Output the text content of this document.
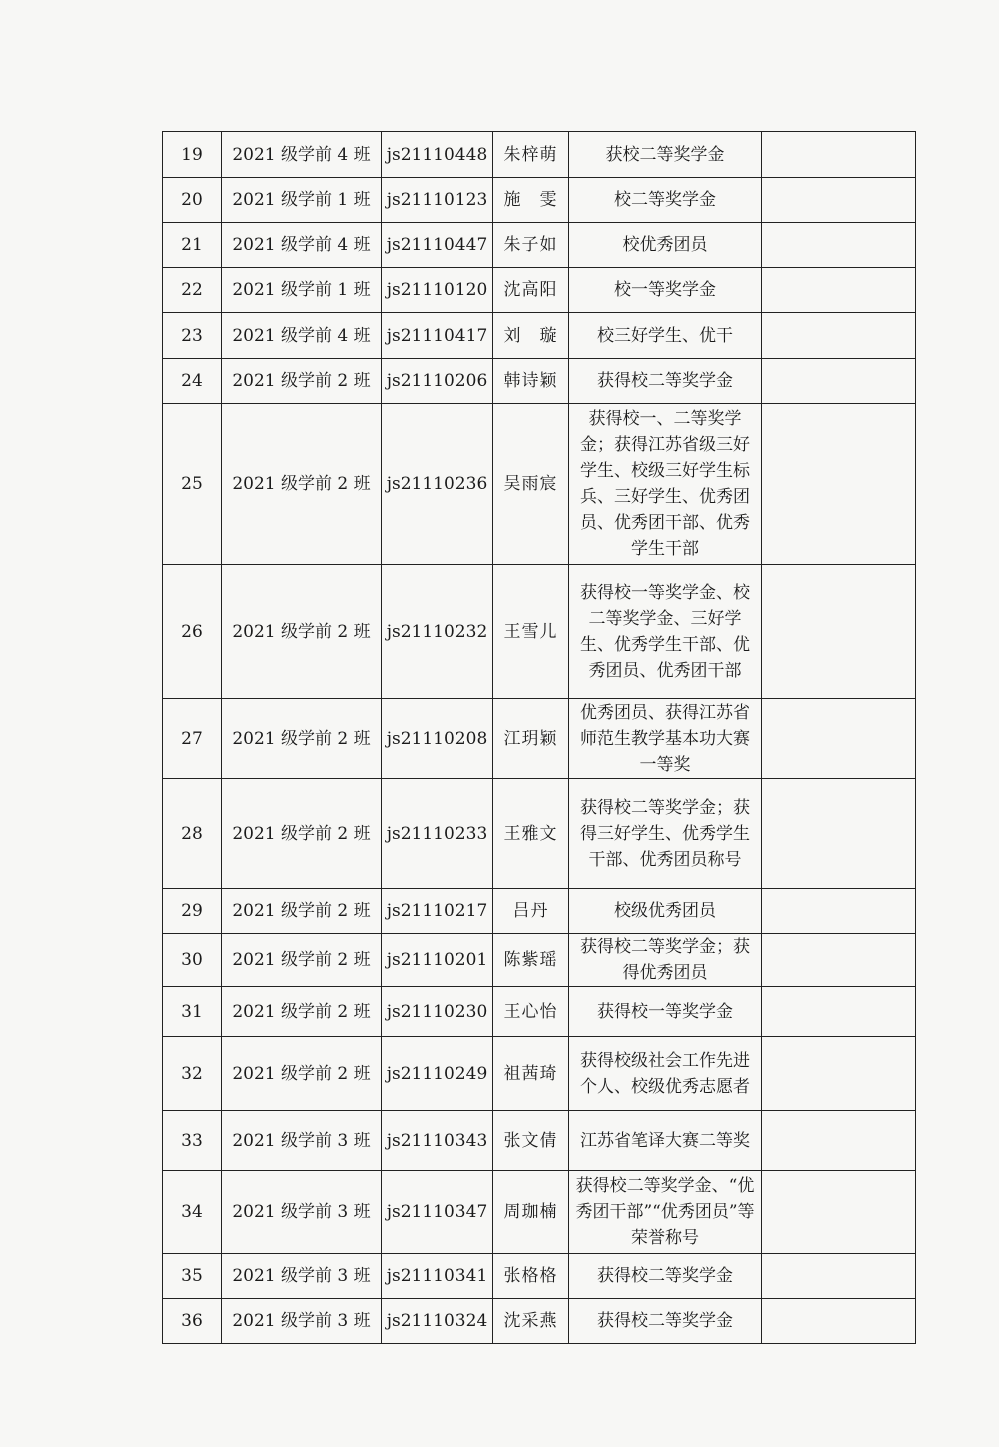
19	2021 级学前 4 班	js21110448	朱梓萌	获校二等奖学金	
20	2021 级学前 1 班	js21110123	施　雯	校二等奖学金	
21	2021 级学前 4 班	js21110447	朱子如	校优秀团员	
22	2021 级学前 1 班	js21110120	沈高阳	校一等奖学金	
23	2021 级学前 4 班	js21110417	刘　璇	校三好学生、优干	
24	2021 级学前 2 班	js21110206	韩诗颖	获得校二等奖学金	
25	2021 级学前 2 班	js21110236	吴雨宸	获得校一、二等奖学金；获得江苏省级三好学生、校级三好学生标兵、三好学生、优秀团员、优秀团干部、优秀学生干部	
26	2021 级学前 2 班	js21110232	王雪儿	获得校一等奖学金、校二等奖学金、三好学生、优秀学生干部、优秀团员、优秀团干部	
27	2021 级学前 2 班	js21110208	江玥颖	优秀团员、获得江苏省师范生教学基本功大赛一等奖	
28	2021 级学前 2 班	js21110233	王雅文	获得校二等奖学金；获得三好学生、优秀学生干部、优秀团员称号	
29	2021 级学前 2 班	js21110217	吕丹	校级优秀团员	
30	2021 级学前 2 班	js21110201	陈紫瑶	获得校二等奖学金；获得优秀团员	
31	2021 级学前 2 班	js21110230	王心怡	获得校一等奖学金	
32	2021 级学前 2 班	js21110249	祖茜琦	获得校级社会工作先进个人、校级优秀志愿者	
33	2021 级学前 3 班	js21110343	张文倩	江苏省笔译大赛二等奖	
34	2021 级学前 3 班	js21110347	周珈楠	获得校二等奖学金、“优秀团干部”“优秀团员”等荣誉称号	
35	2021 级学前 3 班	js21110341	张格格	获得校二等奖学金	
36	2021 级学前 3 班	js21110324	沈采燕	获得校二等奖学金	
